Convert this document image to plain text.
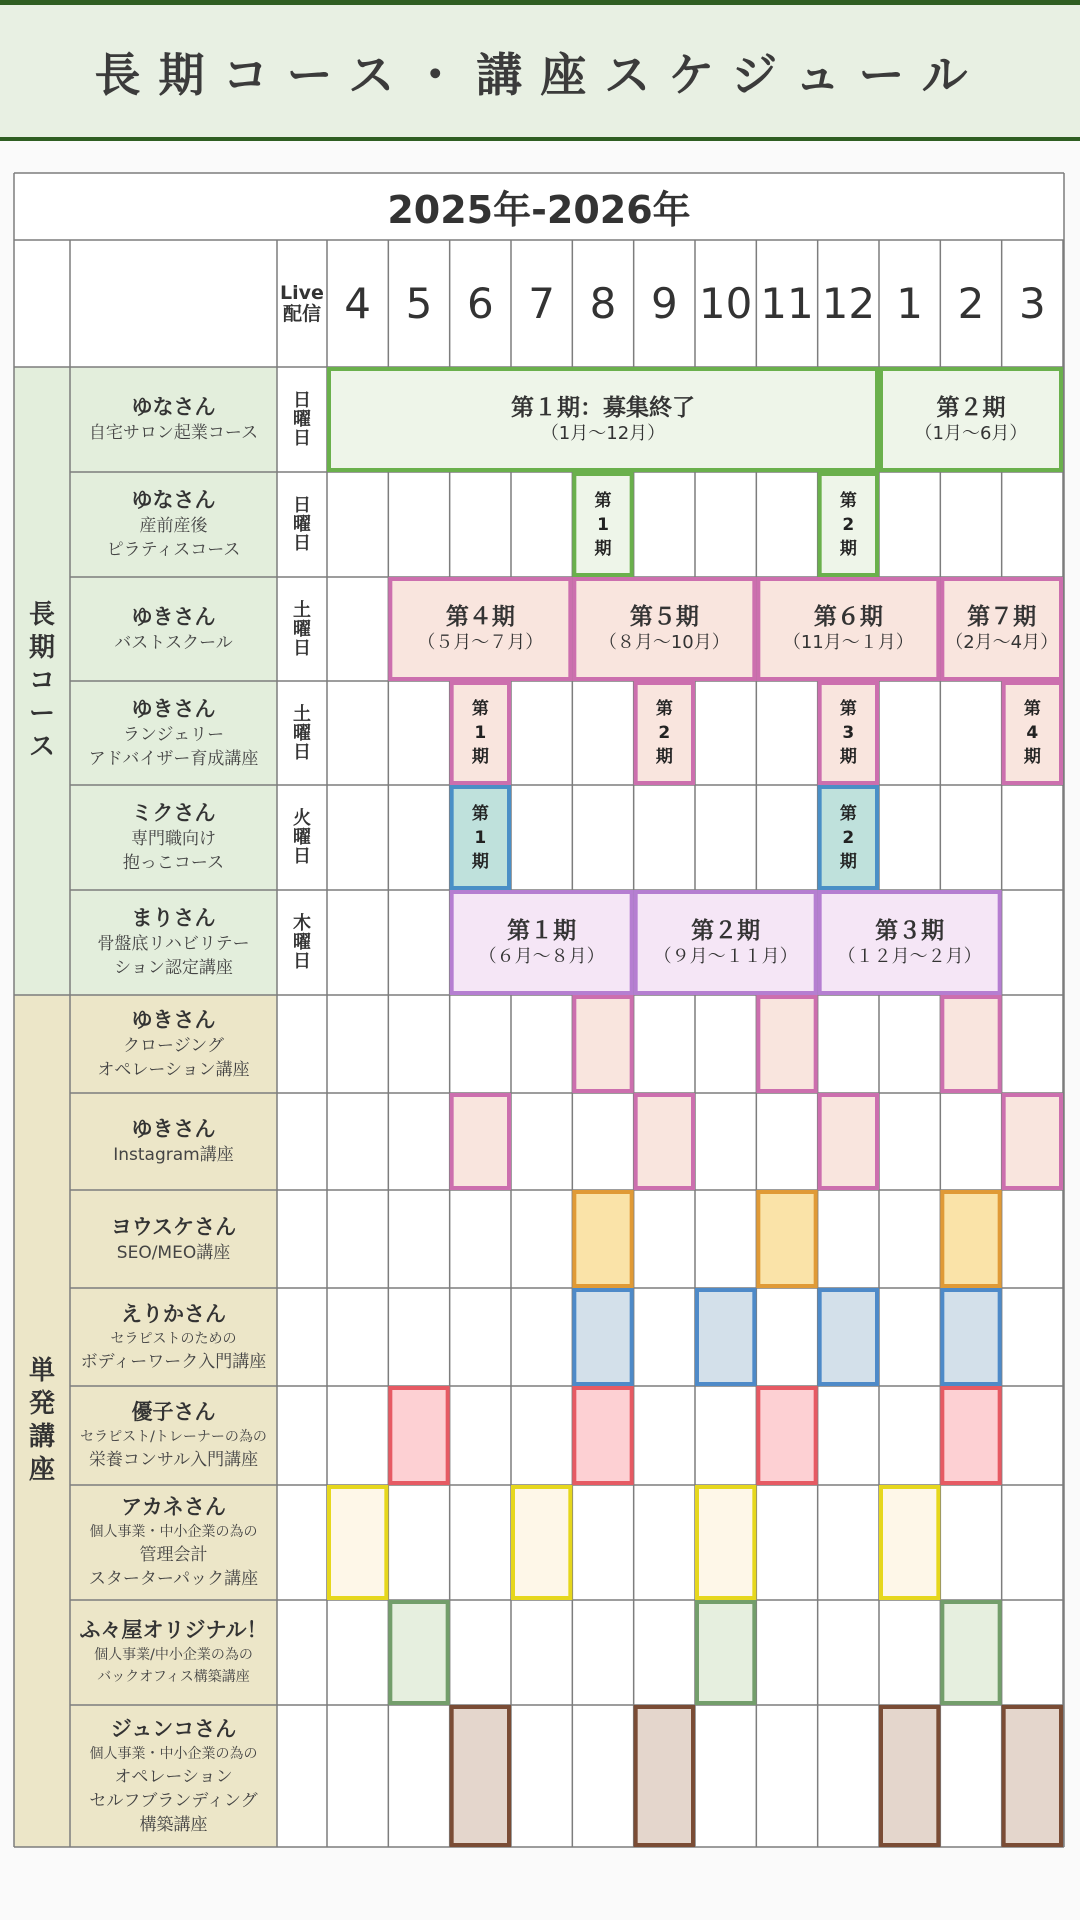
長期コース・講座スケジュール
2025年-2026年
Live
配信 4 5 6 7 8 9 10 11 12 1 2 3
長
期
コ
ー
ス
単
発
講
座
ゆなさん
自宅サロン起業コース
日
曜
日
ゆなさん
産前産後
ピラティスコース
日
曜
日
ゆきさん
バストスクール
土
曜
日
ゆきさん
ランジェリー
アドバイザー育成講座
土
曜
日
ミクさん
専門職向け
抱っこコース
火
曜
日
まりさん
骨盤底リハビリテー
ション認定講座
木
曜
日
ゆきさん
クロージング
オペレーション講座
ゆきさん
Instagram講座
ヨウスケさん
SEO/MEO講座
えりかさん
セラピストのための
ボディーワーク入門講座
優子さん
セラピスト/トレーナーの為の
栄養コンサル入門講座
アカネさん
個人事業・中小企業の為の
管理会計
スターターパック講座
ふ々屋オリジナル！
個人事業/中小企業の為の
バックオフィス構築講座
ジュンコさん
個人事業・中小企業の為の
オペレーション
セルフブランディング
構築講座
第１期：募集終了
（1月〜12月）
第２期
（1月〜6月）
第
1
期
第
2
期
第４期
（５月〜７月）
第５期
（８月〜10月）
第６期
（11月〜１月）
第７期
（2月〜4月）
第
1
期
第
2
期
第
3
期
第
4
期
第
1
期
第
2
期
第１期
（６月〜８月）
第２期
（９月〜１１月）
第３期
（１２月〜２月）
